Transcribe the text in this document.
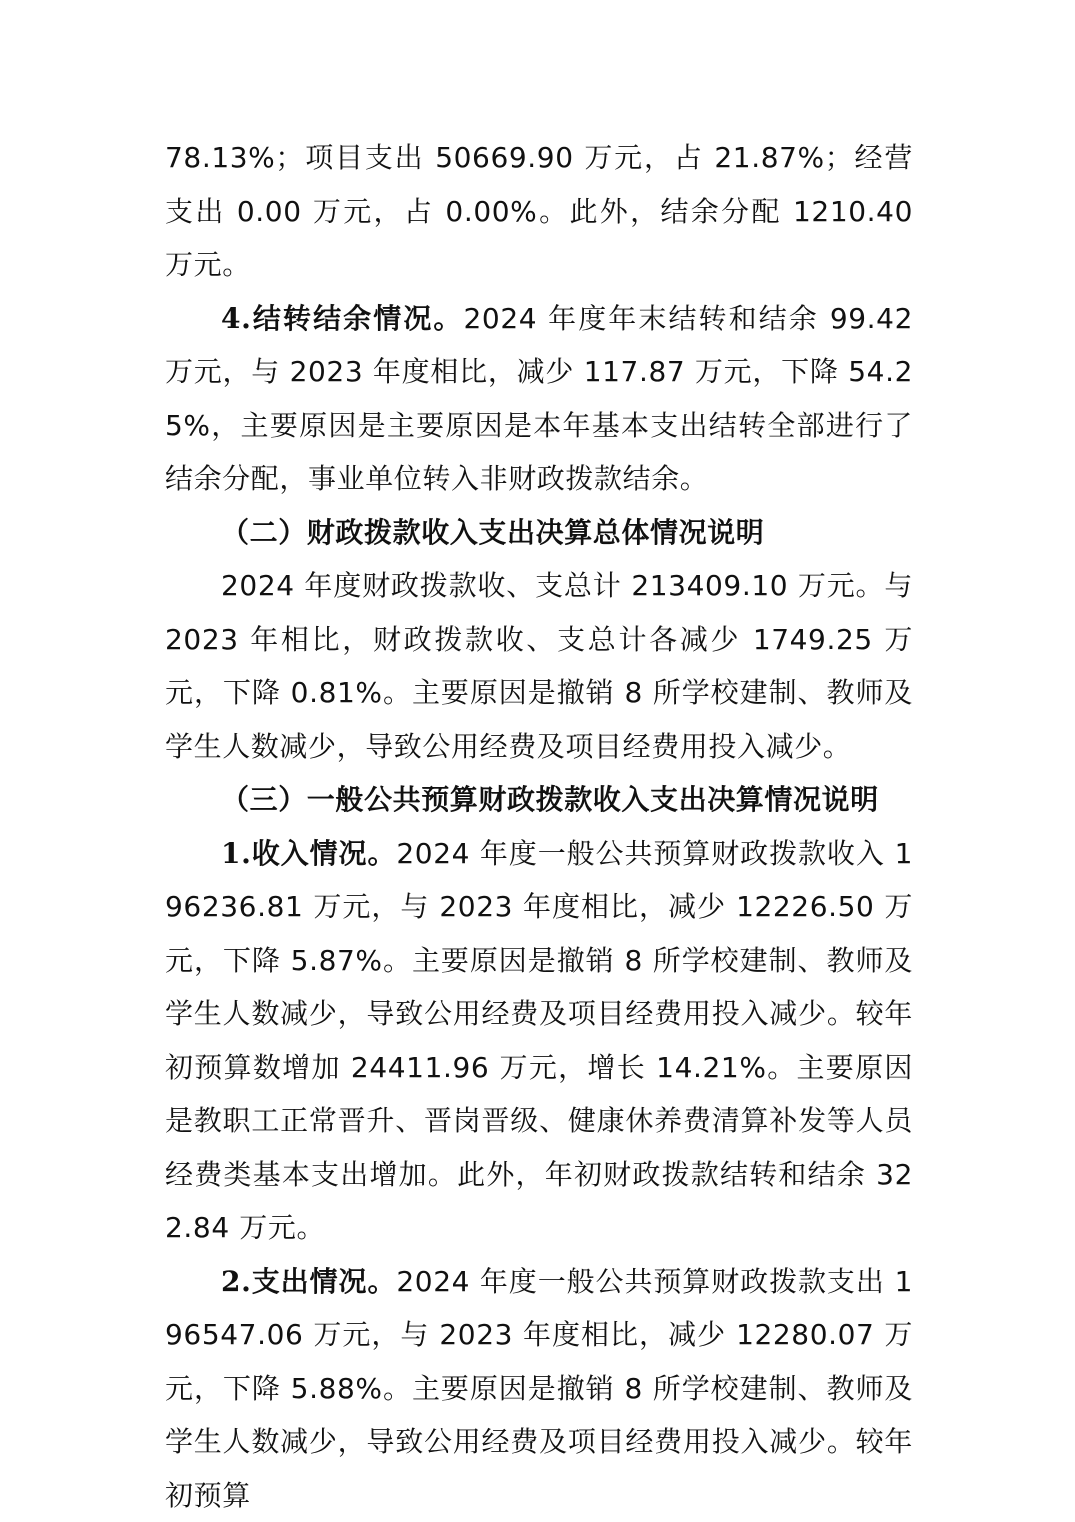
78.13%；项目支出 50669.90 万元，占 21.87%；经营支出 0.00 万元，占 0.00%。此外，结余分配 1210.40 万元。

4.结转结余情况。2024 年度年末结转和结余 99.42 万元，与 2023 年度相比，减少 117.87 万元，下降 54.25%，主要原因是主要原因是本年基本支出结转全部进行了结余分配，事业单位转入非财政拨款结余。

（二）财政拨款收入支出决算总体情况说明

2024 年度财政拨款收、支总计 213409.10 万元。与 2023 年相比，财政拨款收、支总计各减少 1749.25 万元，下降 0.81%。主要原因是撤销 8 所学校建制、教师及学生人数减少，导致公用经费及项目经费用投入减少。

（三）一般公共预算财政拨款收入支出决算情况说明

1.收入情况。2024 年度一般公共预算财政拨款收入 196236.81 万元，与 2023 年度相比，减少 12226.50 万元，下降 5.87%。主要原因是撤销 8 所学校建制、教师及学生人数减少，导致公用经费及项目经费用投入减少。较年初预算数增加 24411.96 万元，增长 14.21%。主要原因是教职工正常晋升、晋岗晋级、健康休养费清算补发等人员经费类基本支出增加。此外，年初财政拨款结转和结余 322.84 万元。

2.支出情况。2024 年度一般公共预算财政拨款支出 196547.06 万元，与 2023 年度相比，减少 12280.07 万元，下降 5.88%。主要原因是撤销 8 所学校建制、教师及学生人数减少，导致公用经费及项目经费用投入减少。较年初预算
